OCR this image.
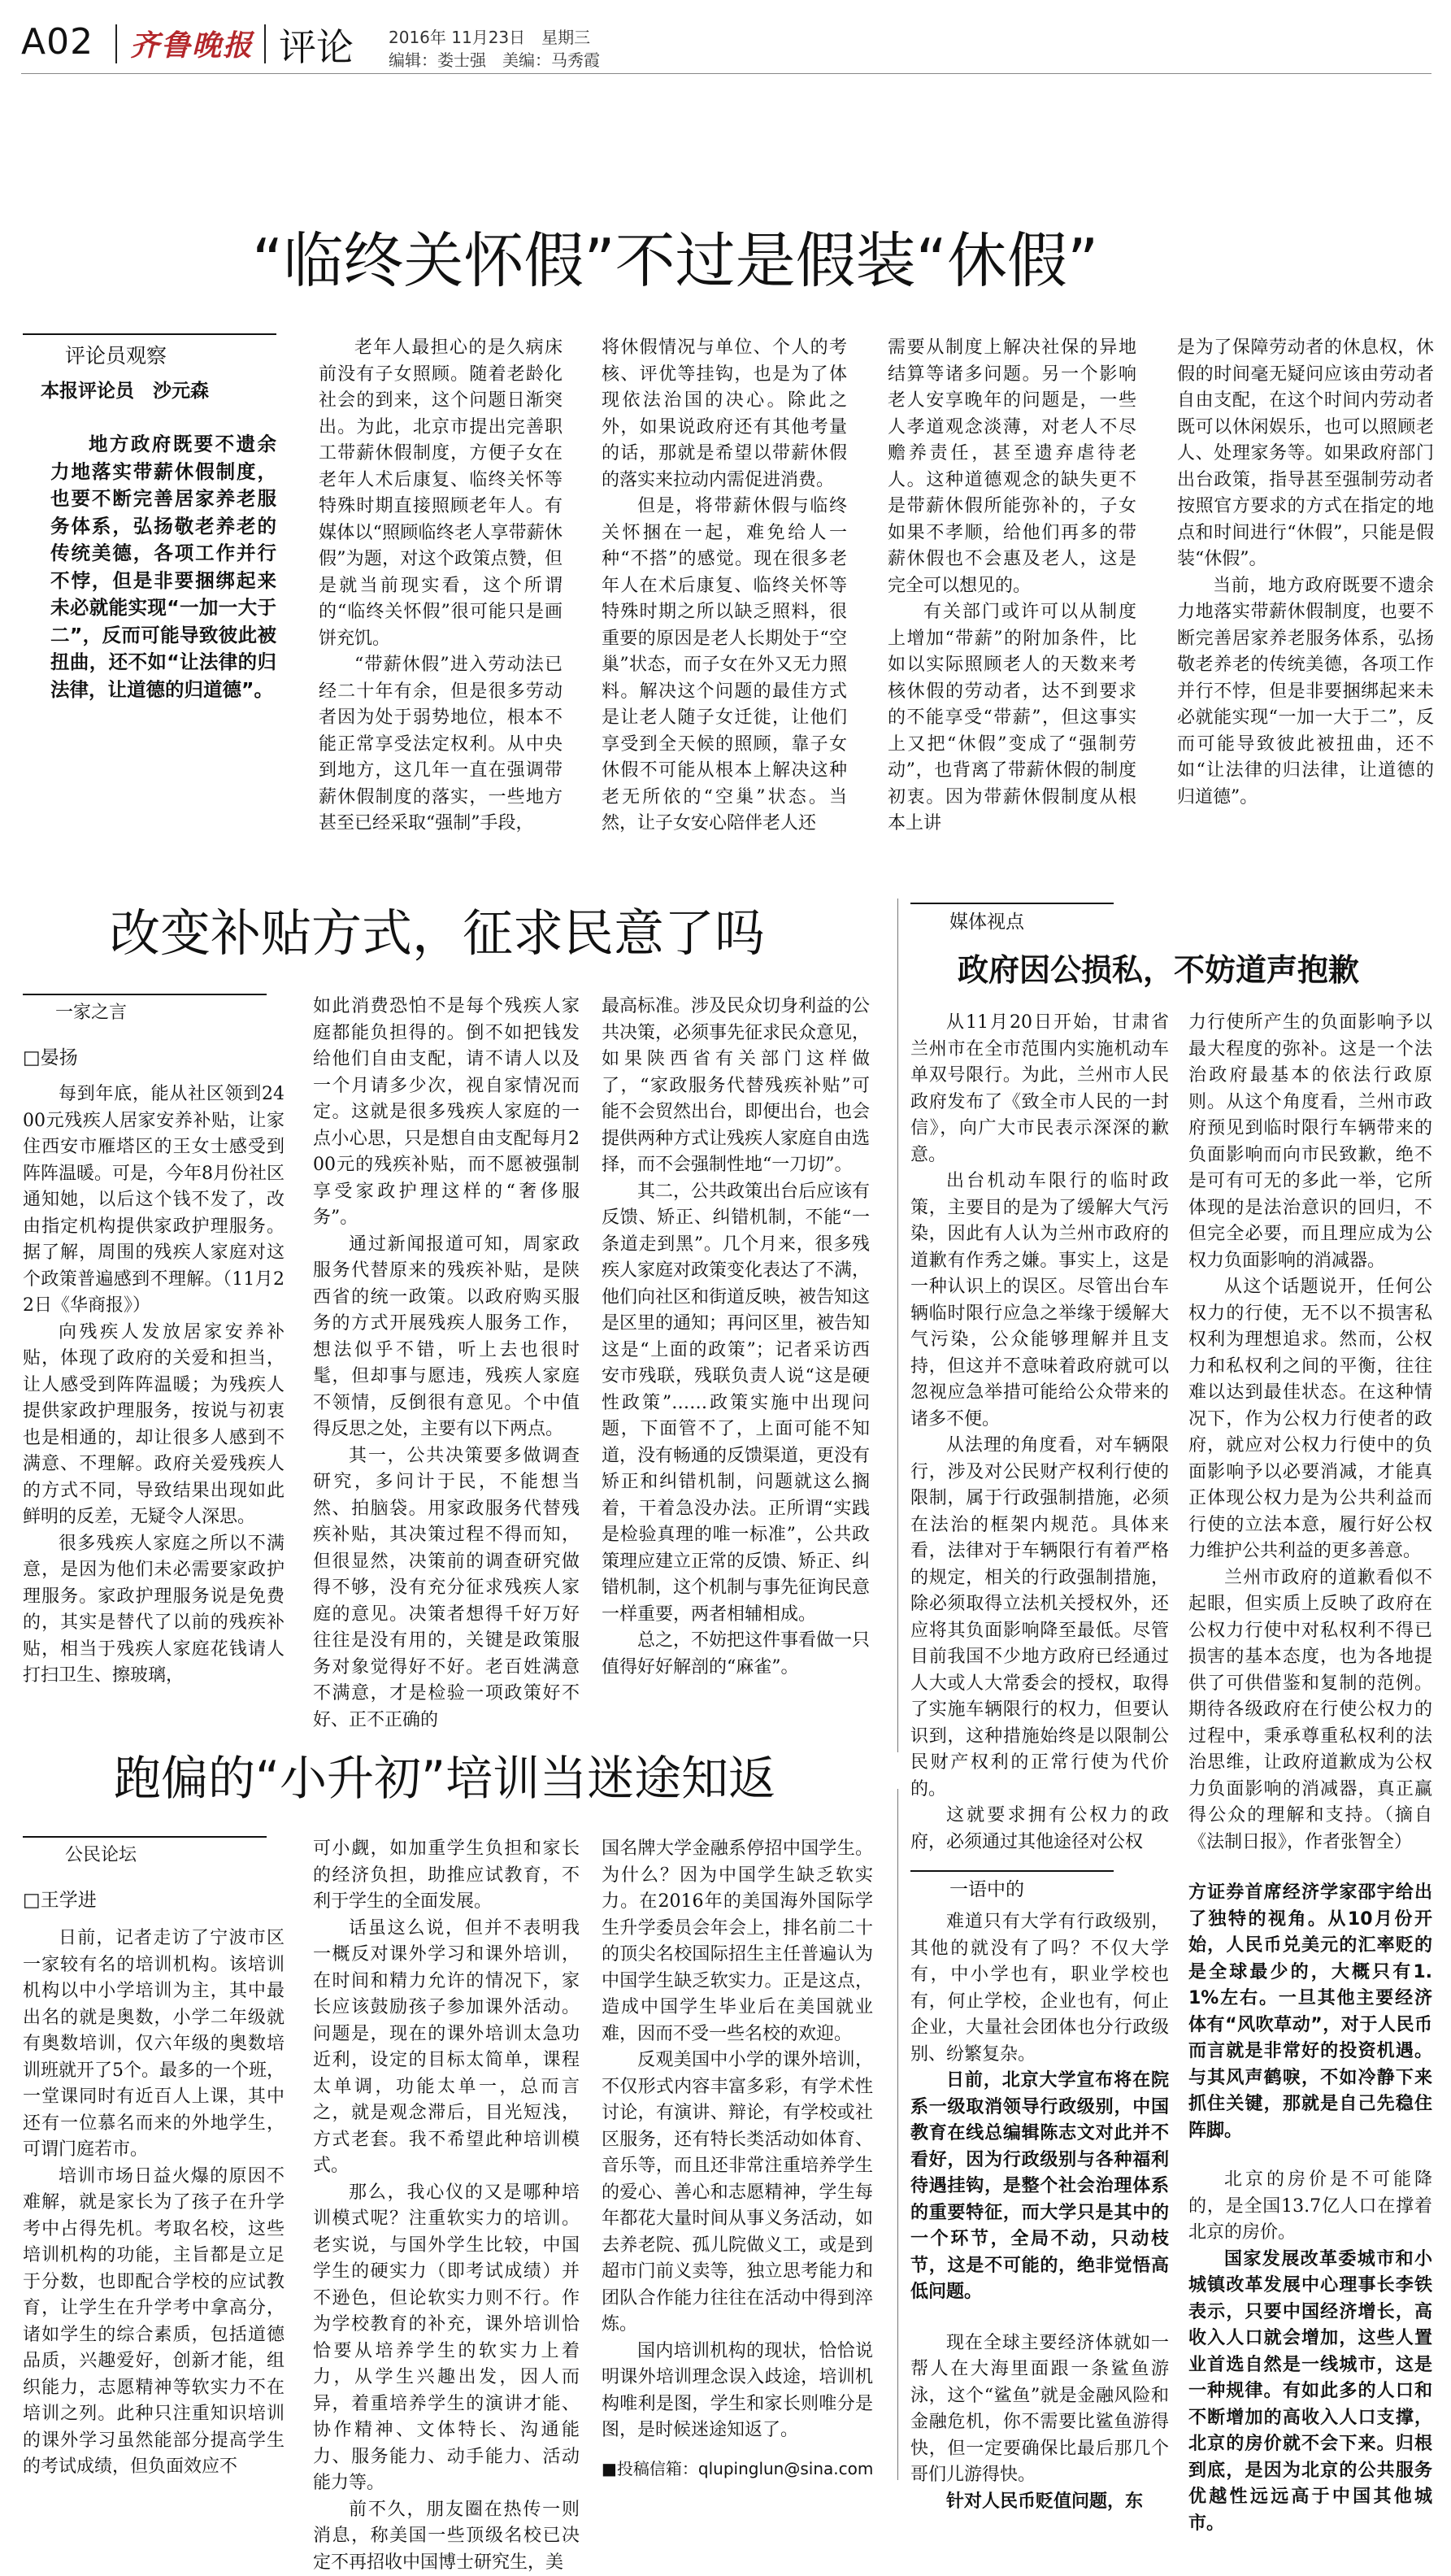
A02 齐鲁晚报 评论 2016年 11月23日　星期三
编辑：娄士强　美编：马秀霞
“临终关怀假”不过是假装“休假”
评论员观察
本报评论员　沙元森

地方政府既要不遗余力地落实带薪休假制度，也要不断完善居家养老服务体系，弘扬敬老养老的传统美德，各项工作并行不悖，但是非要捆绑起来未必就能实现“一加一大于二”，反而可能导致彼此被扭曲，还不如“让法律的归法律，让道德的归道德”。

老年人最担心的是久病床前没有子女照顾。随着老龄化社会的到来，这个问题日渐突出。为此，北京市提出完善职工带薪休假制度，方便子女在老年人术后康复、临终关怀等特殊时期直接照顾老年人。有媒体以“照顾临终老人享带薪休假”为题，对这个政策点赞，但是就当前现实看，这个所谓的“临终关怀假”很可能只是画饼充饥。

“带薪休假”进入劳动法已经二十年有余，但是很多劳动者因为处于弱势地位，根本不能正常享受法定权利。从中央到地方，这几年一直在强调带薪休假制度的落实，一些地方甚至已经采取“强制”手段，

将休假情况与单位、个人的考核、评优等挂钩，也是为了体现依法治国的决心。除此之外，如果说政府还有其他考量的话，那就是希望以带薪休假的落实来拉动内需促进消费。

但是，将带薪休假与临终关怀捆在一起，难免给人一种“不搭”的感觉。现在很多老年人在术后康复、临终关怀等特殊时期之所以缺乏照料，很重要的原因是老人长期处于“空巢”状态，而子女在外又无力照料。解决这个问题的最佳方式是让老人随子女迁徙，让他们享受到全天候的照顾，靠子女休假不可能从根本上解决这种老无所依的“空巢”状态。当然，让子女安心陪伴老人还

需要从制度上解决社保的异地结算等诸多问题。另一个影响老人安享晚年的问题是，一些人孝道观念淡薄，对老人不尽赡养责任，甚至遗弃虐待老人。这种道德观念的缺失更不是带薪休假所能弥补的，子女如果不孝顺，给他们再多的带薪休假也不会惠及老人，这是完全可以想见的。

有关部门或许可以从制度上增加“带薪”的附加条件，比如以实际照顾老人的天数来考核休假的劳动者，达不到要求的不能享受“带薪”，但这事实上又把“休假”变成了“强制劳动”，也背离了带薪休假的制度初衷。因为带薪休假制度从根本上讲

是为了保障劳动者的休息权，休假的时间毫无疑问应该由劳动者自由支配，在这个时间内劳动者既可以休闲娱乐，也可以照顾老人、处理家务等。如果政府部门出台政策，指导甚至强制劳动者按照官方要求的方式在指定的地点和时间进行“休假”，只能是假装“休假”。

当前，地方政府既要不遗余力地落实带薪休假制度，也要不断完善居家养老服务体系，弘扬敬老养老的传统美德，各项工作并行不悖，但是非要捆绑起来未必就能实现“一加一大于二”，反而可能导致彼此被扭曲，还不如“让法律的归法律，让道德的归道德”。

改变补贴方式，征求民意了吗
一家之言
□晏扬

每到年底，能从社区领到2400元残疾人居家安养补贴，让家住西安市雁塔区的王女士感受到阵阵温暖。可是，今年8月份社区通知她，以后这个钱不发了，改由指定机构提供家政护理服务。据了解，周围的残疾人家庭对这个政策普遍感到不理解。（11月22日《华商报》）

向残疾人发放居家安养补贴，体现了政府的关爱和担当，让人感受到阵阵温暖；为残疾人提供家政护理服务，按说与初衷也是相通的，却让很多人感到不满意、不理解。政府关爱残疾人的方式不同，导致结果出现如此鲜明的反差，无疑令人深思。

很多残疾人家庭之所以不满意，是因为他们未必需要家政护理服务。家政护理服务说是免费的，其实是替代了以前的残疾补贴，相当于残疾人家庭花钱请人打扫卫生、擦玻璃，

如此消费恐怕不是每个残疾人家庭都能负担得的。倒不如把钱发给他们自由支配，请不请人以及一个月请多少次，视自家情况而定。这就是很多残疾人家庭的一点小心思，只是想自由支配每月200元的残疾补贴，而不愿被强制享受家政护理这样的“奢侈服务”。

通过新闻报道可知，周家政服务代替原来的残疾补贴，是陕西省的统一政策。以政府购买服务的方式开展残疾人服务工作，想法似乎不错，听上去也很时髦，但却事与愿违，残疾人家庭不领情，反倒很有意见。个中值得反思之处，主要有以下两点。

其一，公共决策要多做调查研究，多问计于民，不能想当然、拍脑袋。用家政服务代替残疾补贴，其决策过程不得而知，但很显然，决策前的调查研究做得不够，没有充分征求残疾人家庭的意见。决策者想得千好万好往往是没有用的，关键是政策服务对象觉得好不好。老百姓满意不满意，才是检验一项政策好不好、正不正确的

最高标准。涉及民众切身利益的公共决策，必须事先征求民众意见，如果陕西省有关部门这样做了，“家政服务代替残疾补贴”可能不会贸然出台，即便出台，也会提供两种方式让残疾人家庭自由选择，而不会强制性地“一刀切”。

其二，公共政策出台后应该有反馈、矫正、纠错机制，不能“一条道走到黑”。几个月来，很多残疾人家庭对政策变化表达了不满，他们向社区和街道反映，被告知这是区里的通知；再问区里，被告知这是“上面的政策”；记者采访西安市残联，残联负责人说“这是硬性政策”……政策实施中出现问题，下面管不了，上面可能不知道，没有畅通的反馈渠道，更没有矫正和纠错机制，问题就这么搁着，干着急没办法。正所谓“实践是检验真理的唯一标准”，公共政策理应建立正常的反馈、矫正、纠错机制，这个机制与事先征询民意一样重要，两者相辅相成。

总之，不妨把这件事看做一只值得好好解剖的“麻雀”。

媒体视点
政府因公损私，不妨道声抱歉

从11月20日开始，甘肃省兰州市在全市范围内实施机动车单双号限行。为此，兰州市人民政府发布了《致全市人民的一封信》，向广大市民表示深深的歉意。

出台机动车限行的临时政策，主要目的是为了缓解大气污染，因此有人认为兰州市政府的道歉有作秀之嫌。事实上，这是一种认识上的误区。尽管出台车辆临时限行应急之举缘于缓解大气污染，公众能够理解并且支持，但这并不意味着政府就可以忽视应急举措可能给公众带来的诸多不便。

从法理的角度看，对车辆限行，涉及对公民财产权利行使的限制，属于行政强制措施，必须在法治的框架内规范。具体来看，法律对于车辆限行有着严格的规定，相关的行政强制措施，除必须取得立法机关授权外，还应将其负面影响降至最低。尽管目前我国不少地方政府已经通过人大或人大常委会的授权，取得了实施车辆限行的权力，但要认识到，这种措施始终是以限制公民财产权利的正常行使为代价的。

这就要求拥有公权力的政府，必须通过其他途径对公权

力行使所产生的负面影响予以最大程度的弥补。这是一个法治政府最基本的依法行政原则。从这个角度看，兰州市政府预见到临时限行车辆带来的负面影响而向市民致歉，绝不是可有可无的多此一举，它所体现的是法治意识的回归，不但完全必要，而且理应成为公权力负面影响的消减器。

从这个话题说开，任何公权力的行使，无不以不损害私权利为理想追求。然而，公权力和私权利之间的平衡，往往难以达到最佳状态。在这种情况下，作为公权力行使者的政府，就应对公权力行使中的负面影响予以必要消减，才能真正体现公权力是为公共利益而行使的立法本意，履行好公权力维护公共利益的更多善意。

兰州市政府的道歉看似不起眼，但实质上反映了政府在公权力行使中对私权利不得已损害的基本态度，也为各地提供了可供借鉴和复制的范例。期待各级政府在行使公权力的过程中，秉承尊重私权利的法治思维，让政府道歉成为公权力负面影响的消减器，真正赢得公众的理解和支持。（摘自《法制日报》，作者张智全）

跑偏的“小升初”培训当迷途知返
公民论坛
□王学进

日前，记者走访了宁波市区一家较有名的培训机构。该培训机构以中小学培训为主，其中最出名的就是奥数，小学二年级就有奥数培训，仅六年级的奥数培训班就开了5个。最多的一个班，一堂课同时有近百人上课，其中还有一位慕名而来的外地学生，可谓门庭若市。

培训市场日益火爆的原因不难解，就是家长为了孩子在升学考中占得先机。考取名校，这些培训机构的功能，主旨都是立足于分数，也即配合学校的应试教育，让学生在升学考中拿高分，诸如学生的综合素质，包括道德品质，兴趣爱好，创新才能，组织能力，志愿精神等软实力不在培训之列。此种只注重知识培训的课外学习虽然能部分提高学生的考试成绩，但负面效应不

可小觑，如加重学生负担和家长的经济负担，助推应试教育，不利于学生的全面发展。

话虽这么说，但并不表明我一概反对课外学习和课外培训，在时间和精力允许的情况下，家长应该鼓励孩子参加课外活动。问题是，现在的课外培训太急功近利，设定的目标太简单，课程太单调，功能太单一，总而言之，就是观念滞后，目光短浅，方式老套。我不希望此种培训模式。

那么，我心仪的又是哪种培训模式呢？注重软实力的培训。老实说，与国外学生比较，中国学生的硬实力（即考试成绩）并不逊色，但论软实力则不行。作为学校教育的补充，课外培训恰恰要从培养学生的软实力上着力，从学生兴趣出发，因人而异，着重培养学生的演讲才能、协作精神、文体特长、沟通能力、服务能力、动手能力、活动能力等。

前不久，朋友圈在热传一则消息，称美国一些顶级名校已决定不再招收中国博士研究生，美

国名牌大学金融系停招中国学生。为什么？因为中国学生缺乏软实力。在2016年的美国海外国际学生升学委员会年会上，排名前二十的顶尖名校国际招生主任普遍认为中国学生缺乏软实力。正是这点，造成中国学生毕业后在美国就业难，因而不受一些名校的欢迎。

反观美国中小学的课外培训，不仅形式内容丰富多彩，有学术性讨论，有演讲、辩论，有学校或社区服务，还有特长类活动如体育、音乐等，而且还非常注重培养学生的爱心、善心和志愿精神，学生每年都花大量时间从事义务活动，如去养老院、孤儿院做义工，或是到超市门前义卖等，独立思考能力和团队合作能力往往在活动中得到淬炼。

国内培训机构的现状，恰恰说明课外培训理念误入歧途，培训机构唯利是图，学生和家长则唯分是图，是时候迷途知返了。

■投稿信箱：qlupinglun@sina.com
一语中的

难道只有大学有行政级别，其他的就没有了吗？不仅大学有，中小学也有，职业学校也有，何止学校，企业也有，何止企业，大量社会团体也分行政级别、纷繁复杂。

日前，北京大学宣布将在院系一级取消领导行政级别，中国教育在线总编辑陈志文对此并不看好，因为行政级别与各种福利待遇挂钩，是整个社会治理体系的重要特征，而大学只是其中的一个环节，全局不动，只动枝节，这是不可能的，绝非觉悟高低问题。

现在全球主要经济体就如一帮人在大海里面跟一条鲨鱼游泳，这个“鲨鱼”就是金融风险和金融危机，你不需要比鲨鱼游得快，但一定要确保比最后那几个哥们儿游得快。

针对人民币贬值问题，东

方证券首席经济学家邵宇给出了独特的视角。从10月份开始，人民币兑美元的汇率贬的是全球最少的，大概只有1.1%左右。一旦其他主要经济体有“风吹草动”，对于人民币而言就是非常好的投资机遇。与其风声鹤唳，不如冷静下来抓住关键，那就是自己先稳住阵脚。

北京的房价是不可能降的，是全国13.7亿人口在撑着北京的房价。

国家发展改革委城市和小城镇改革发展中心理事长李铁表示，只要中国经济增长，高收入人口就会增加，这些人置业首选自然是一线城市，这是一种规律。有如此多的人口和不断增加的高收入人口支撑，北京的房价就不会下来。归根到底，是因为北京的公共服务优越性远远高于中国其他城市。
